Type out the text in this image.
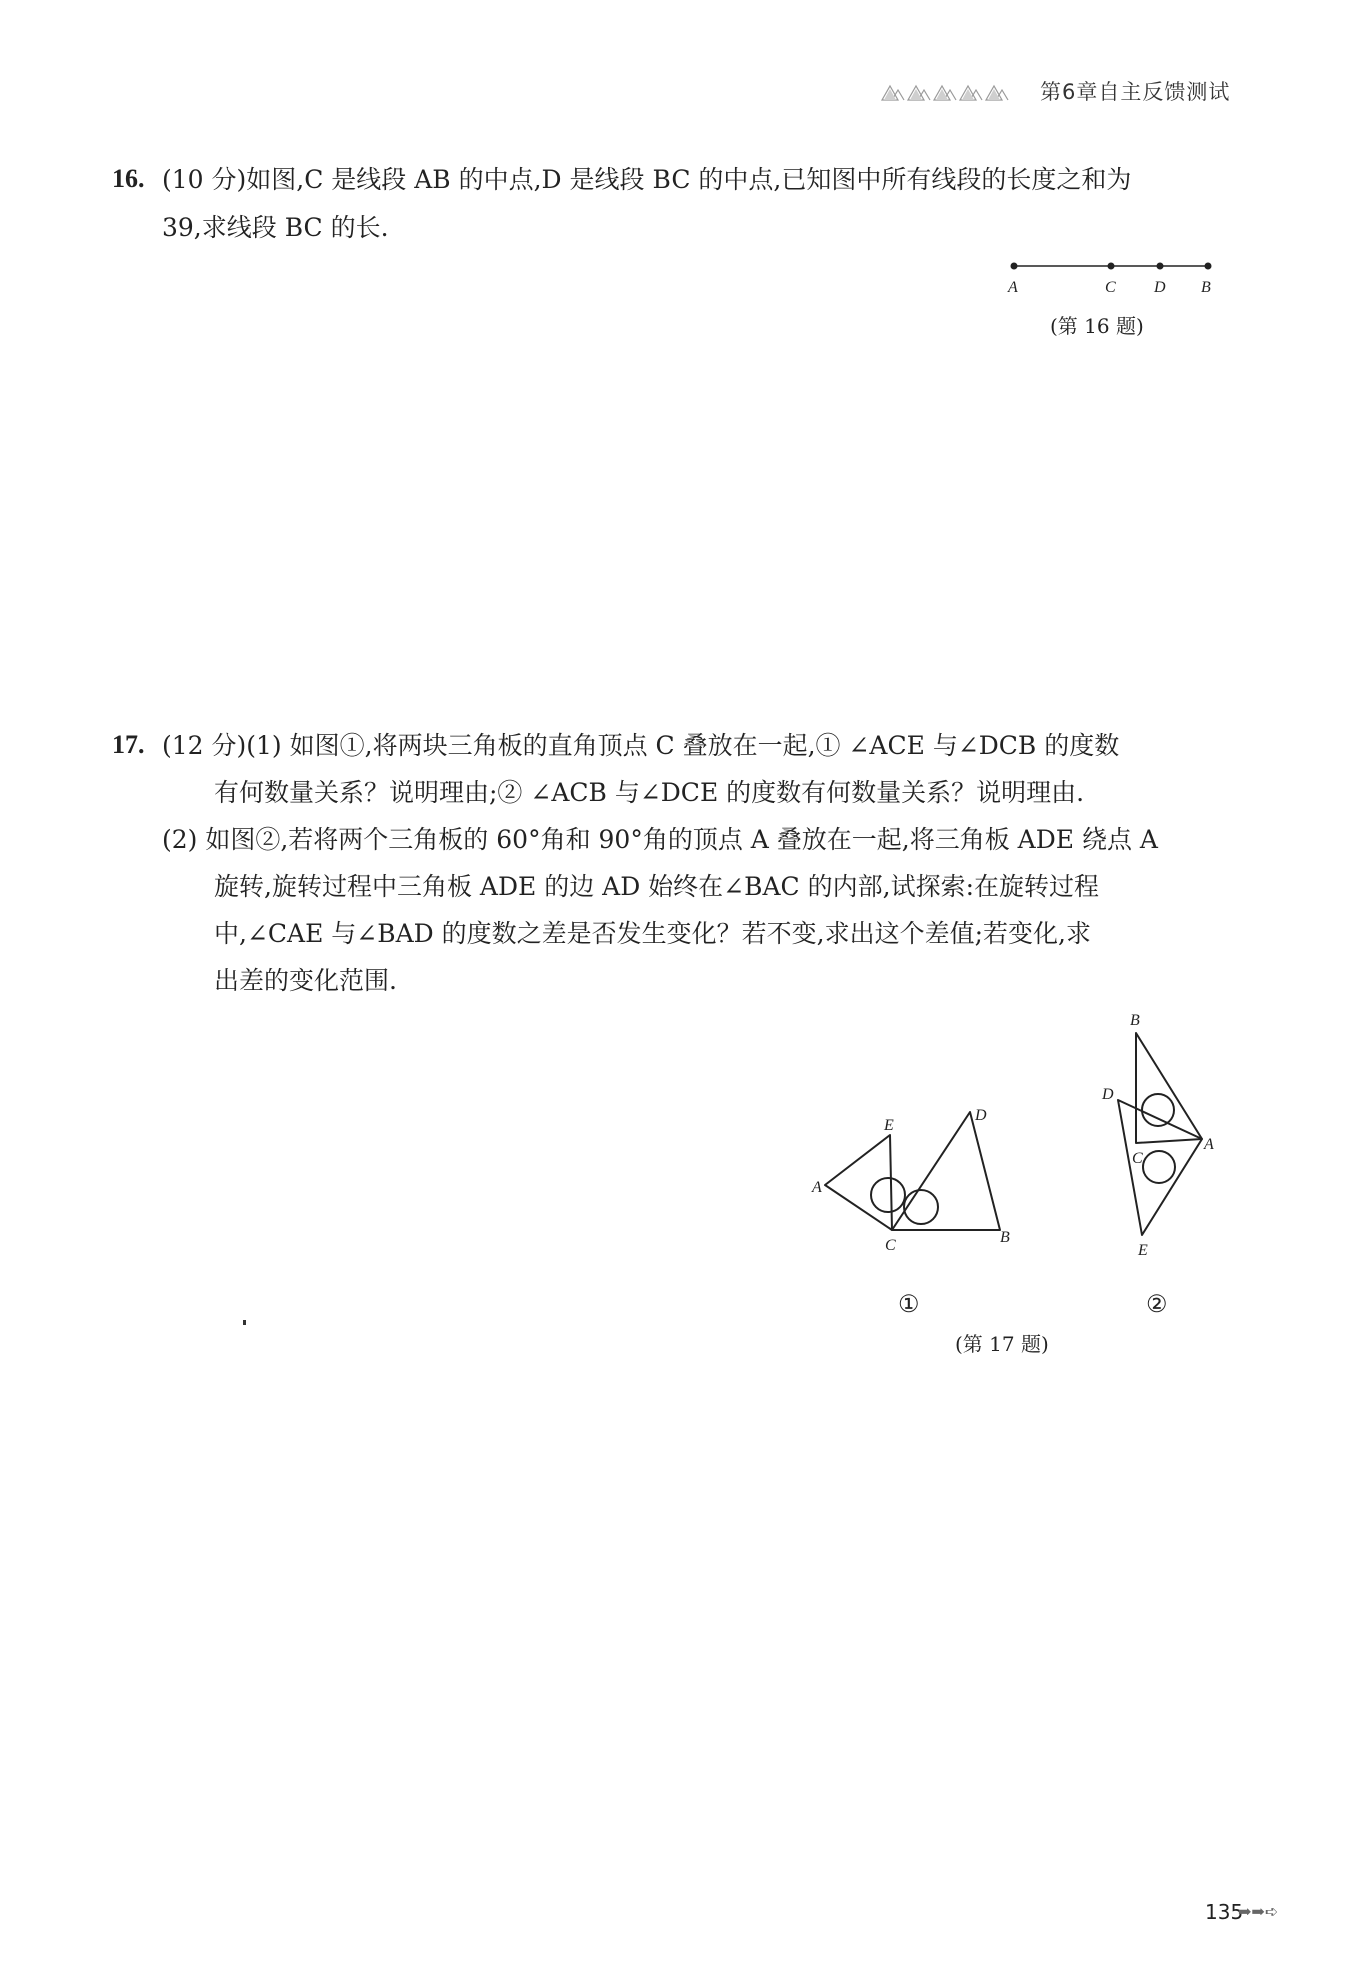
第6章自主反馈测试
16. (10 分)如图,C 是线段 AB 的中点,D 是线段 BC 的中点,已知图中所有线段的长度之和为
39,求线段 BC 的长.
A	C D B
(第 16 题)
17. (12 分)(1) 如图①,将两块三角板的直角顶点 C 叠放在一起,① ∠ACE 与∠DCB 的度数
有何数量关系？说明理由;② ∠ACB 与∠DCE 的度数有何数量关系？说明理由.
(2) 如图②,若将两个三角板的 60°角和 90°角的顶点 A 叠放在一起,将三角板 ADE 绕点 A
旋转,旋转过程中三角板 ADE 的边 AD 始终在∠BAC 的内部,试探索:在旋转过程
中,∠CAE 与∠BAD 的度数之差是否发生变化？若不变,求出这个差值;若变化,求
出差的变化范围.
E
D
A
C	B
①
B
D
C
A
E
②
(第 17 题)
135
➡➡➪
